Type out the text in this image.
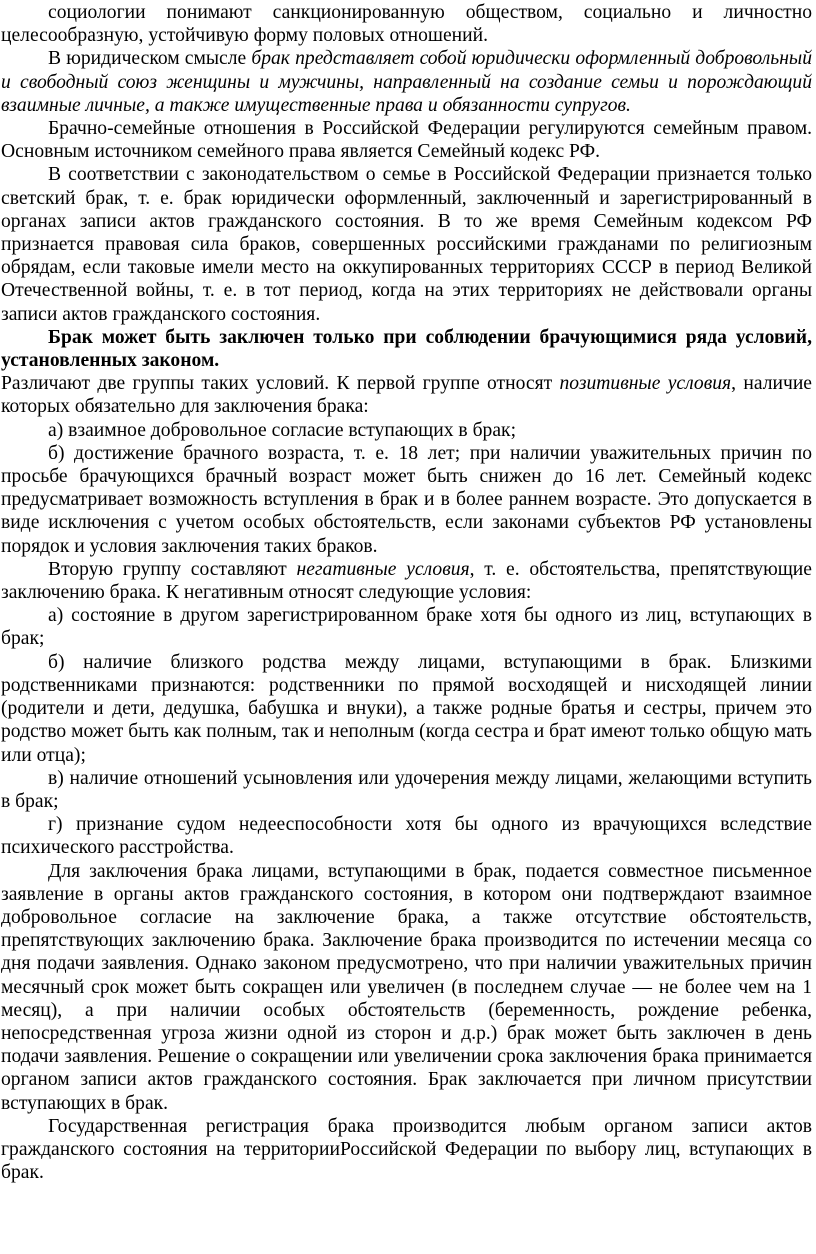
социологии понимают санкционированную обществом, социально и личностно целесообразную, устойчивую форму половых отношений.

В юридическом смысле брак представляет собой юридически оформленный добровольный и свободный союз женщины и мужчины, направленный на создание семьи и порождающий взаимные личные, а также имущественные права и обязанности супругов.

Брачно-семейные отношения в Российской Федерации регулируются семейным правом. Основным источником семейного права является Семейный кодекс РФ.

В соответствии с законодательством о семье в Российской Федерации признается только светский брак, т. е. брак юридически оформленный, заключенный и зарегистрированный в органах записи актов гражданского состояния. В то же время Семейным кодексом РФ признается правовая сила браков, совершенных российскими гражданами по религиозным обрядам, если таковые имели место на оккупированных территориях СССР в период Великой Отечественной войны, т. е. в тот период, когда на этих территориях не действовали органы записи актов гражданского состояния.

Брак может быть заключен только при соблюдении брачующимися ряда условий, установленных законом.

Различают две группы таких условий. К первой группе относят позитивные условия, наличие которых обязательно для заключения брака:

а) взаимное добровольное согласие вступающих в брак;

б) достижение брачного возраста, т. е. 18 лет; при наличии уважительных причин по просьбе брачующихся брачный возраст может быть снижен до 16 лет. Семейный кодекс предусматривает возможность вступления в брак и в более раннем возрасте. Это допускается в виде исключения с учетом особых обстоятельств, если законами субъектов РФ установлены порядок и условия заключения таких браков.

Вторую группу составляют негативные условия, т. е. обстоятельства, препятствующие заключению брака. К негативным относят следующие условия:

а) состояние в другом зарегистрированном браке хотя бы одного из лиц, вступающих в брак;

б) наличие близкого родства между лицами, вступающими в брак. Близкими родственниками признаются: родственники по прямой восходящей и нисходящей линии (родители и дети, дедушка, бабушка и внуки), а также родные братья и сестры, причем это родство может быть как полным, так и неполным (когда сестра и брат имеют только общую мать или отца);

в) наличие отношений усыновления или удочерения между лицами, желающими вступить в брак;

г) признание судом недееспособности хотя бы одного из врачующихся вследствие психического расстройства.

Для заключения брака лицами, вступающими в брак, подается совместное письменное заявление в органы актов гражданского состояния, в котором они подтверждают взаимное добровольное согласие на заключение брака, а также отсутствие обстоятельств, препятствующих заключению брака. Заключение брака производится по истечении месяца со дня подачи заявления. Однако законом предусмотрено, что при наличии уважительных причин месячный срок может быть сокращен или увеличен (в последнем случае — не более чем на 1 месяц), а при наличии особых обстоятельств (беременность, рождение ребенка, непосредственная угроза жизни одной из сторон и д.р.) брак может быть заключен в день подачи заявления. Решение о сокращении или увеличении срока заключения брака принимается органом записи актов гражданского состояния. Брак заключается при личном присутствии вступающих в брак.

Государственная регистрация брака производится любым органом записи актов гражданского состояния на территорииРоссийской Федерации по выбору лиц, вступающих в брак.
